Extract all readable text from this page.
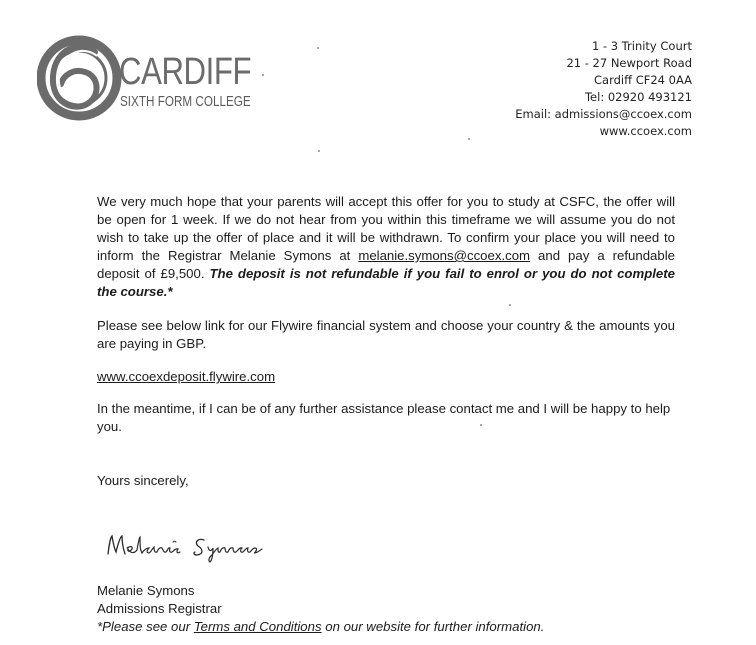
CARDIFF
SIXTH FORM COLLEGE
1 - 3 Trinity Court
21 - 27 Newport Road
Cardiff CF24 0AA
Tel: 02920 493121
Email: admissions@ccoex.com
www.ccoex.com

We very much hope that your parents will accept this offer for you to study at CSFC, the offer will be open for 1 week. If we do not hear from you within this timeframe we will assume you do not wish to take up the offer of place and it will be withdrawn. To confirm your place you will need to inform the Registrar Melanie Symons at melanie.symons@ccoex.com and pay a refundable deposit of £9,500. The deposit is not refundable if you fail to enrol or you do not complete the course.*

Please see below link for our Flywire financial system and choose your country & the amounts you are paying in GBP.

www.ccoexdeposit.flywire.com

In the meantime, if I can be of any further assistance please contact me and I will be happy to help you.

Yours sincerely,

Melanie Symons
Admissions Registrar
*Please see our Terms and Conditions on our website for further information.
